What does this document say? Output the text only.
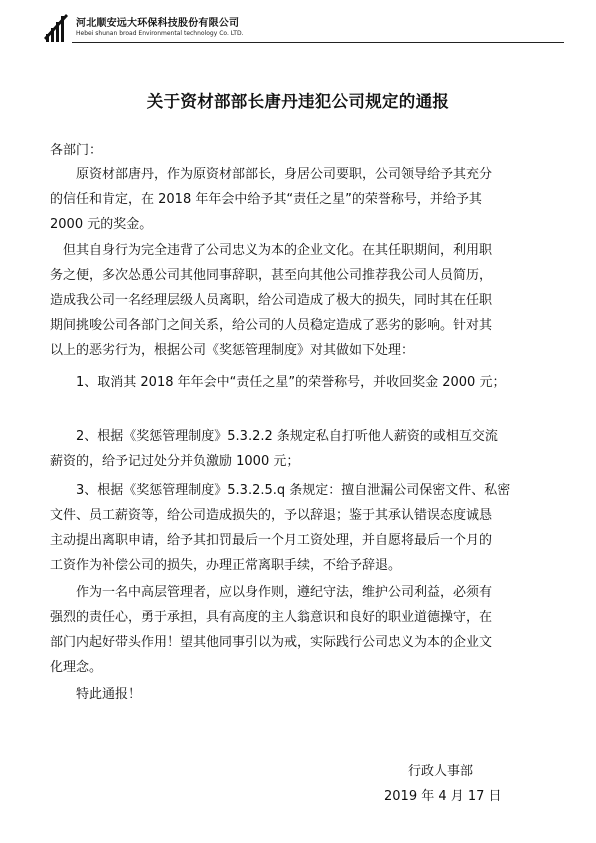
河北顺安远大环保科技股份有限公司
Hebei shunan broad Environmental technology Co. LTD.
关于资材部部长唐丹违犯公司规定的通报
各部门：
原资材部唐丹，作为原资材部部长，身居公司要职，公司领导给予其充分
的信任和肯定，在 2018 年年会中给予其“责任之星”的荣誉称号，并给予其
2000 元的奖金。
但其自身行为完全违背了公司忠义为本的企业文化。在其任职期间，利用职
务之便，多次怂恿公司其他同事辞职，甚至向其他公司推荐我公司人员简历，
造成我公司一名经理层级人员离职，给公司造成了极大的损失，同时其在任职
期间挑唆公司各部门之间关系，给公司的人员稳定造成了恶劣的影响。针对其
以上的恶劣行为，根据公司《奖惩管理制度》对其做如下处理：
1、取消其 2018 年年会中“责任之星”的荣誉称号，并收回奖金 2000 元；
2、根据《奖惩管理制度》5.3.2.2 条规定私自打听他人薪资的或相互交流
薪资的，给予记过处分并负激励 1000 元；
3、根据《奖惩管理制度》5.3.2.5.q 条规定：擅自泄漏公司保密文件、私密
文件、员工薪资等，给公司造成损失的，予以辞退；鉴于其承认错误态度诚恳
主动提出离职申请，给予其扣罚最后一个月工资处理，并自愿将最后一个月的
工资作为补偿公司的损失，办理正常离职手续，不给予辞退。
作为一名中高层管理者，应以身作则，遵纪守法，维护公司利益，必须有
强烈的责任心，勇于承担，具有高度的主人翁意识和良好的职业道德操守，在
部门内起好带头作用！望其他同事引以为戒，实际践行公司忠义为本的企业文
化理念。
特此通报！
行政人事部
2019 年 4 月 17 日
